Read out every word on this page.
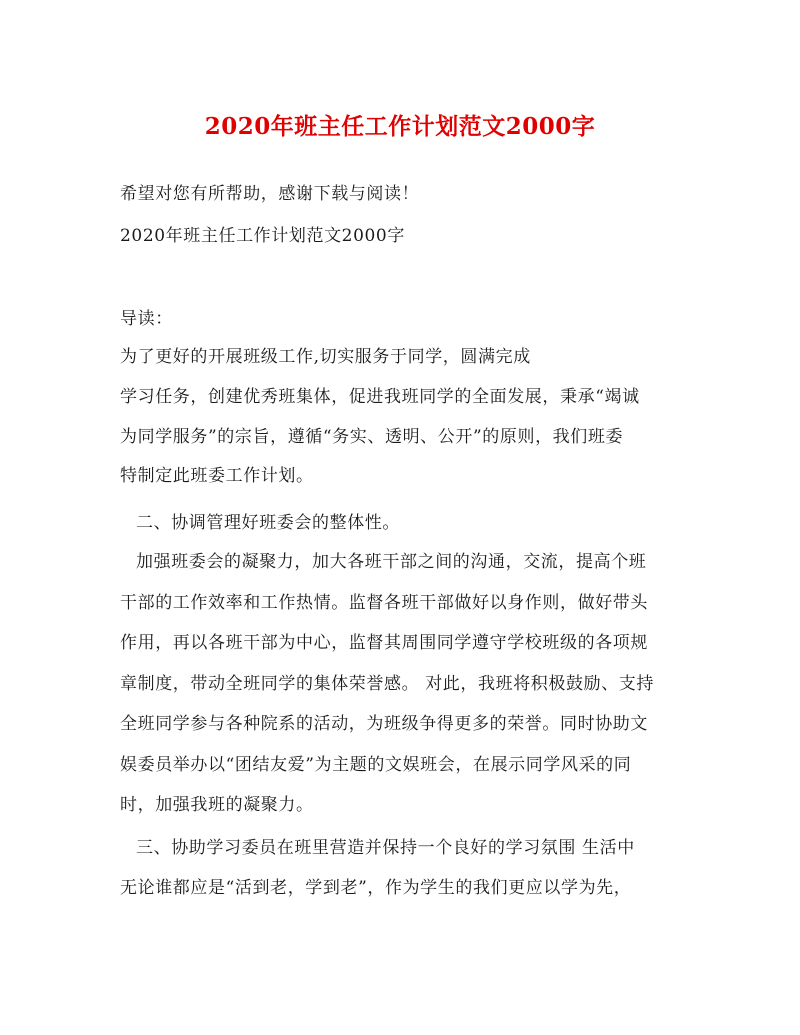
2020年班主任工作计划范文2000字
希望对您有所帮助，感谢下载与阅读！
2020年班主任工作计划范文2000字
导读：
为了更好的开展班级工作,切实服务于同学，圆满完成
学习任务，创建优秀班集体，促进我班同学的全面发展，秉承“竭诚
为同学服务”的宗旨，遵循“务实、透明、公开”的原则，我们班委
特制定此班委工作计划。
二、协调管理好班委会的整体性。
加强班委会的凝聚力，加大各班干部之间的沟通，交流，提高个班
干部的工作效率和工作热情。监督各班干部做好以身作则，做好带头
作用，再以各班干部为中心，监督其周围同学遵守学校班级的各项规
章制度，带动全班同学的集体荣誉感。 对此，我班将积极鼓励、支持
全班同学参与各种院系的活动，为班级争得更多的荣誉。同时协助文
娱委员举办以“团结友爱”为主题的文娱班会，在展示同学风采的同
时，加强我班的凝聚力。
三、协助学习委员在班里营造并保持一个良好的学习氛围 生活中
无论谁都应是“活到老，学到老”，作为学生的我们更应以学为先，
